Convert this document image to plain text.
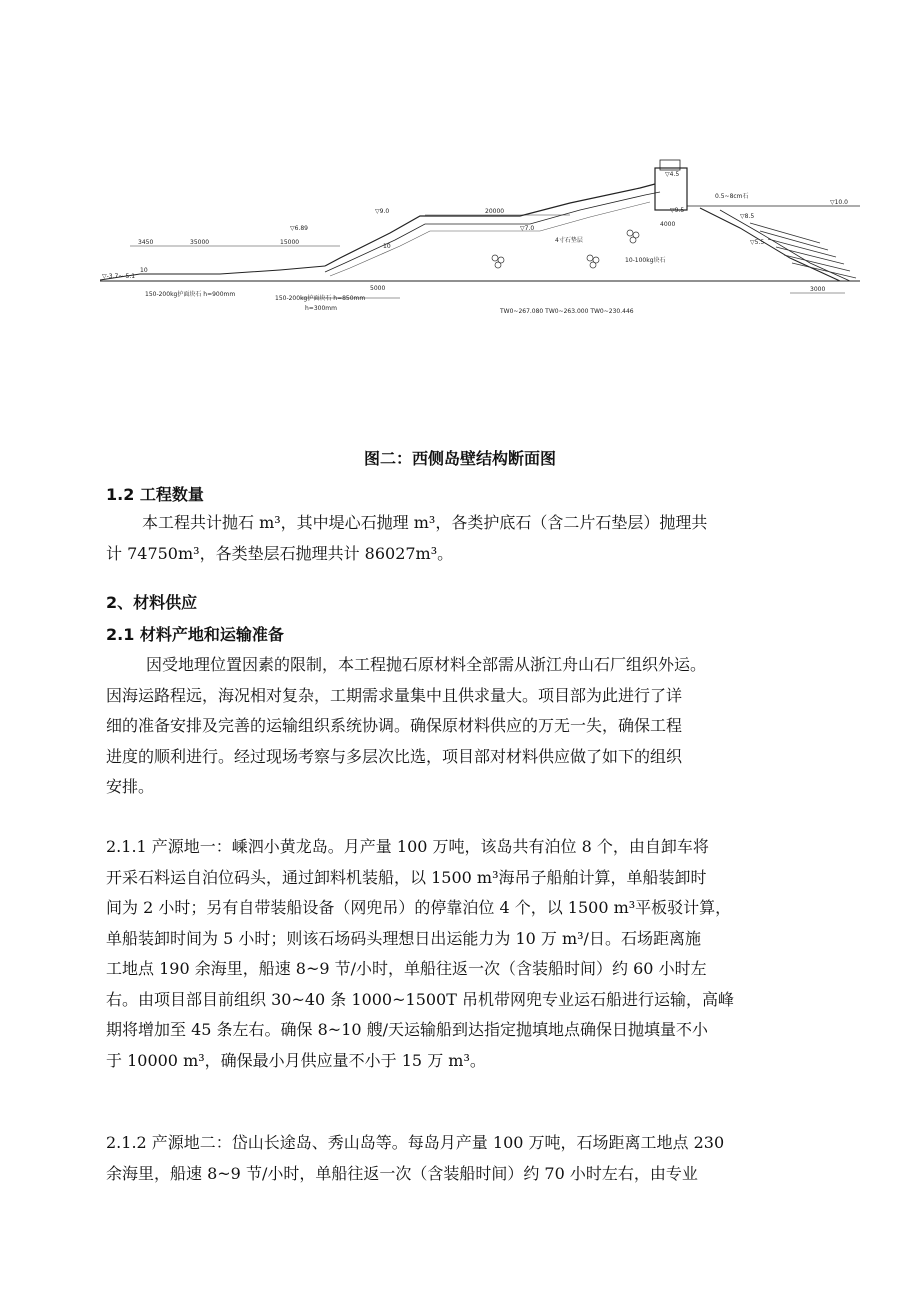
▽9.0
▽6.89	▽7.0
▽10.0
▽9.5
▽8.5
▽5.5
▽4.5
▽-3.7~-5.1
10-100kg块石
150-200kg护面块石 h=900mm
150-200kg护面块石 h=850mm
h=300mm
10
10
3450	35000	15000
20000
3000
4000
5000
TW0~267.080 TW0~263.000 TW0~230.446
0.5~8cm石
4寸石垫层
图二：西侧岛壁结构断面图
1.2 工程数量
本工程共计抛石 m³，其中堤心石抛理 m³，各类护底石（含二片石垫层）抛理共
计 74750m³，各类垫层石抛理共计 86027m³。
2、材料供应
2.1 材料产地和运输准备
因受地理位置因素的限制，本工程抛石原材料全部需从浙江舟山石厂组织外运。
因海运路程远，海况相对复杂，工期需求量集中且供求量大。项目部为此进行了详
细的准备安排及完善的运输组织系统协调。确保原材料供应的万无一失，确保工程
进度的顺利进行。经过现场考察与多层次比选，项目部对材料供应做了如下的组织
安排。
2.1.1 产源地一：嵊泗小黄龙岛。月产量 100 万吨，该岛共有泊位 8 个，由自卸车将
开采石料运自泊位码头，通过卸料机装船，以 1500 m³海吊子船舶计算，单船装卸时
间为 2 小时；另有自带装船设备（网兜吊）的停靠泊位 4 个，以 1500 m³平板驳计算，
单船装卸时间为 5 小时；则该石场码头理想日出运能力为 10 万 m³/日。石场距离施
工地点 190 余海里，船速 8~9 节/小时，单船往返一次（含装船时间）约 60 小时左
右。由项目部目前组织 30~40 条 1000~1500T 吊机带网兜专业运石船进行运输，高峰
期将增加至 45 条左右。确保 8~10 艘/天运输船到达指定抛填地点确保日抛填量不小
于 10000 m³，确保最小月供应量不小于 15 万 m³。
2.1.2 产源地二：岱山长途岛、秀山岛等。每岛月产量 100 万吨，石场距离工地点 230
余海里，船速 8~9 节/小时，单船往返一次（含装船时间）约 70 小时左右，由专业
